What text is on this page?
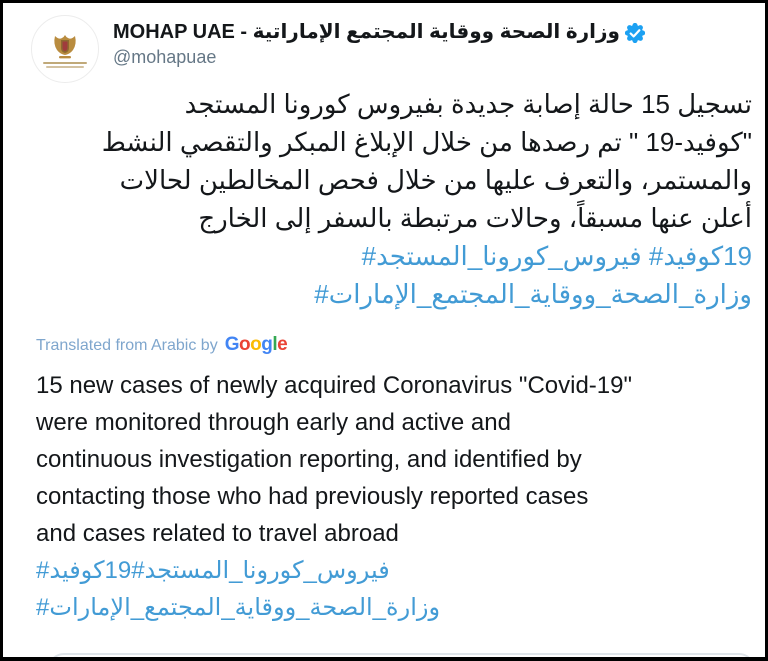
MOHAP UAE - وزارة الصحة ووقاية المجتمع الإماراتية
@mohapuae
تسجيل 15 حالة إصابة جديدة بفيروس كورونا المستجد
"كوفيد-19 " تم رصدها من خلال الإبلاغ المبكر والتقصي النشط
والمستمر، والتعرف عليها من خلال فحص المخالطين لحالات
أعلن عنها مسبقاً، وحالات مرتبطة بالسفر إلى الخارج
#فيروس_كورونا_المستجد‎ #كوفيد‎19
#وزارة_الصحة_ووقاية_المجتمع_الإمارات
Translated from Arabic by Google
15 new cases of newly acquired Coronavirus "Covid-19"
were monitored through early and active and
continuous investigation reporting, and identified by
contacting those who had previously reported cases
and cases related to travel abroad
#كوفيد‎19#فيروس_كورونا_المستجد
#وزارة_الصحة_ووقاية_المجتمع_الإمارات
